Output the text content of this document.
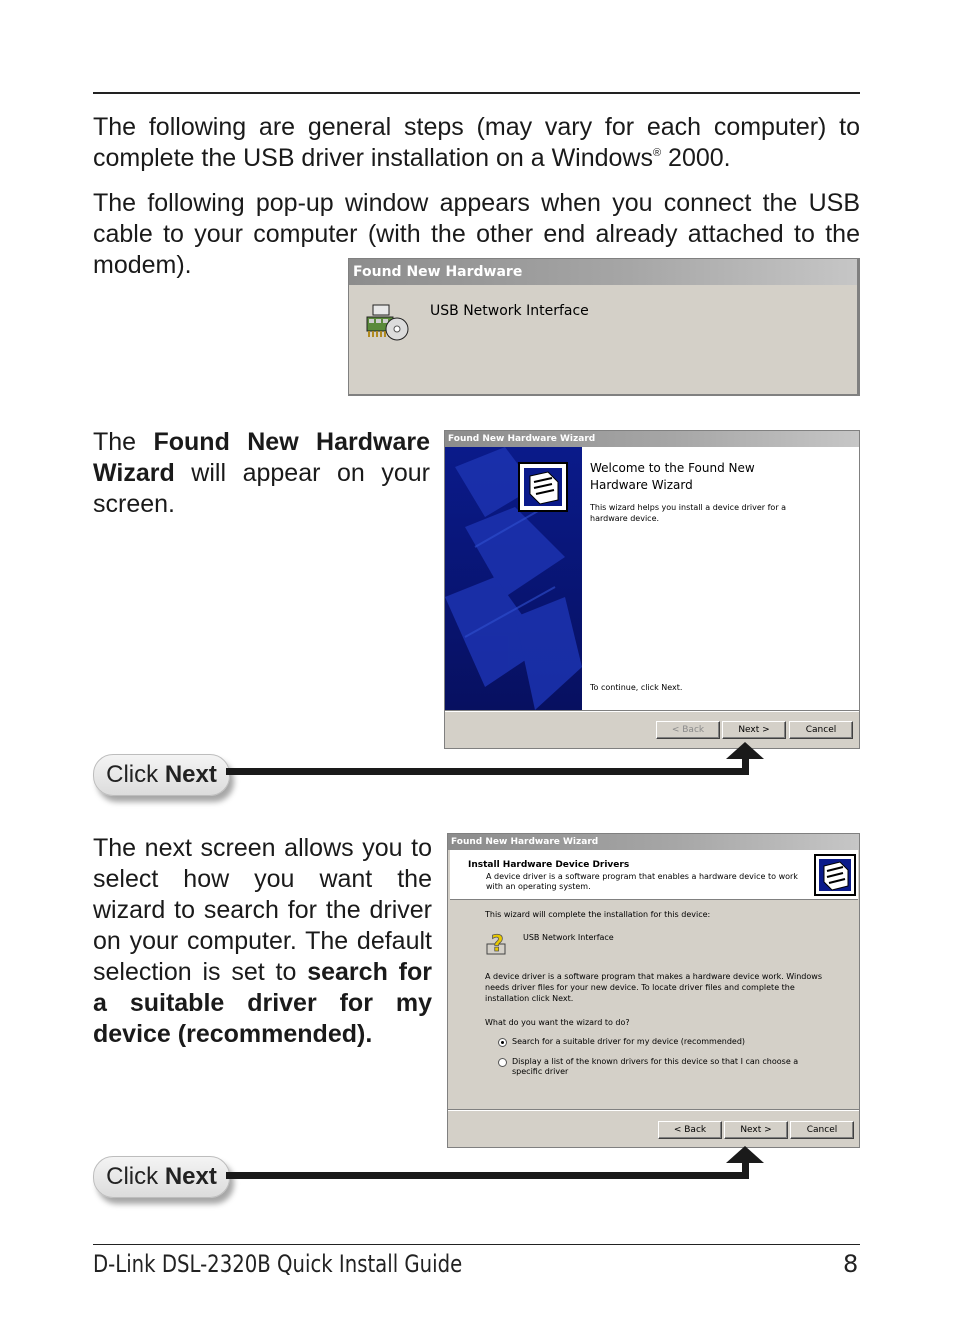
The following are general steps (may vary for each computer) to complete the USB driver installation on a Windows® 2000.

The following pop-up window appears when you connect the USB cable to your computer (with the other end already attached to the modem).	Found New Hardware
USB Network Interface

The Found New Hardware Wizard will appear on your screen.

Found New Hardware Wizard
Welcome to the Found New Hardware Wizard
This wizard helps you install a device driver for a hardware device.
To continue, click Next.
< Back	Next >	Cancel
Click Next

The next screen allows you to select how you want the wizard to search for the driver on your computer. The default selection is set to search for a suitable driver for my device (recommended).

Found New Hardware Wizard
Install Hardware Device Drivers
A device driver is a software program that enables a hardware device to work with an operating system.
This wizard will complete the installation for this device:
? USB Network Interface
A device driver is a software program that makes a hardware device work. Windows needs driver files for your new device. To locate driver files and complete the installation click Next.
What do you want the wizard to do?
Search for a suitable driver for my device (recommended)
Display a list of the known drivers for this device so that I can choose a specific driver
< Back	Next >	Cancel
Click Next
D-Link DSL-2320B Quick Install Guide	8
